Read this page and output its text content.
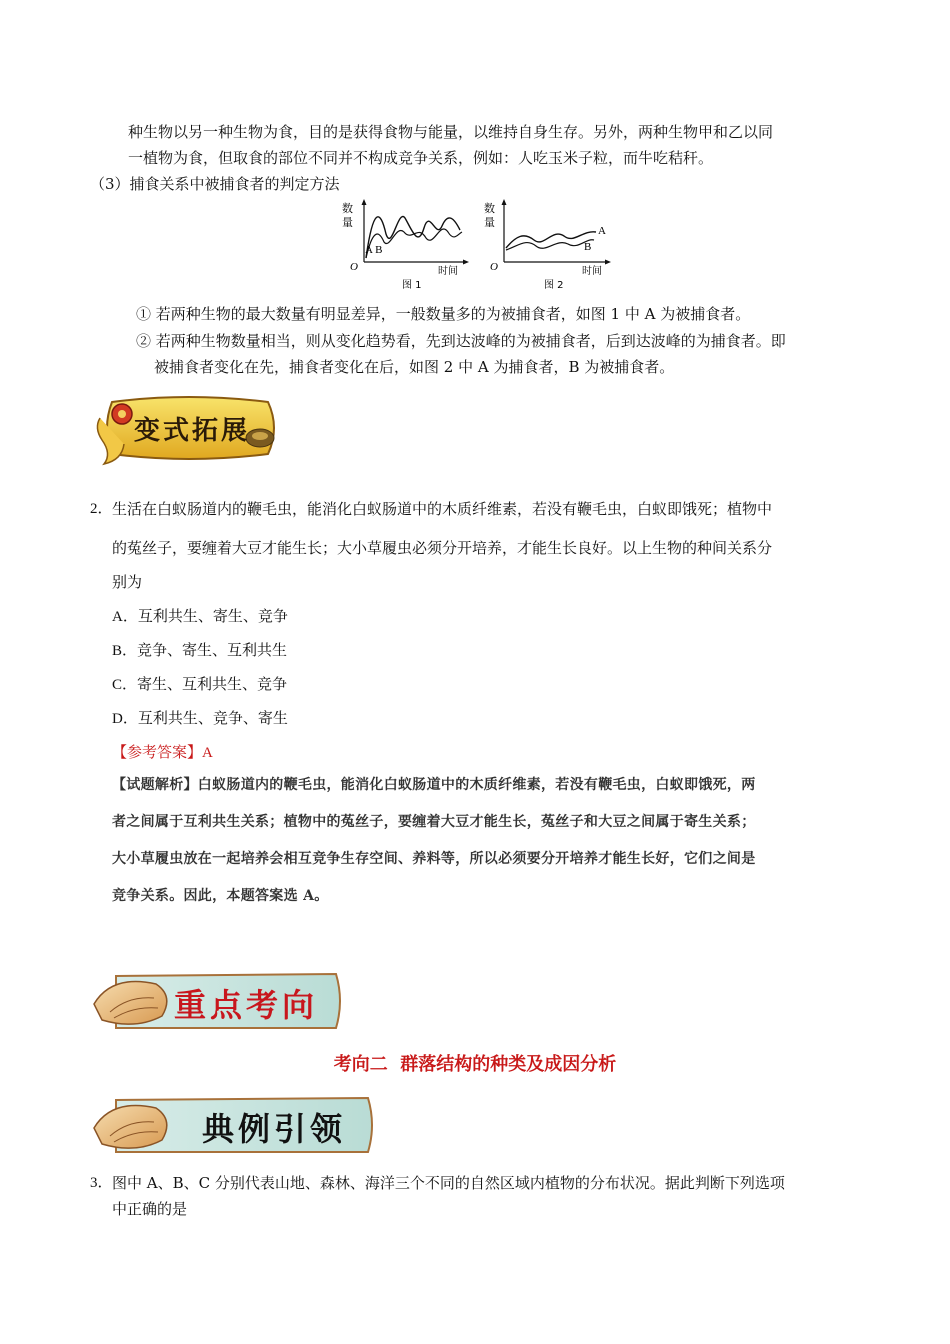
种生物以另一种生物为食，目的是获得食物与能量，以维持自身生存。另外，两种生物甲和乙以同
一植物为食，但取食的部位不同并不构成竞争关系，例如：人吃玉米子粒，而牛吃秸秆。
（3）捕食关系中被捕食者的判定方法
数
量
A B
O	时间
图 1
数
量
A
B
O	时间
图 2
① 若两种生物的最大数量有明显差异，一般数量多的为被捕食者，如图 1 中 A 为被捕食者。
② 若两种生物数量相当，则从变化趋势看，先到达波峰的为被捕食者，后到达波峰的为捕食者。即
被捕食者变化在先，捕食者变化在后，如图 2 中 A 为捕食者，B 为被捕食者。
变式拓展
2． 生活在白蚁肠道内的鞭毛虫，能消化白蚁肠道中的木质纤维素，若没有鞭毛虫，白蚁即饿死；植物中
的菟丝子，要缠着大豆才能生长；大小草履虫必须分开培养，才能生长良好。以上生物的种间关系分
别为
A．互利共生、寄生、竞争
B．竞争、寄生、互利共生
C．寄生、互利共生、竞争
D．互利共生、竞争、寄生
【参考答案】A
【试题解析】白蚁肠道内的鞭毛虫，能消化白蚁肠道中的木质纤维素，若没有鞭毛虫，白蚁即饿死，两
者之间属于互利共生关系；植物中的菟丝子，要缠着大豆才能生长，菟丝子和大豆之间属于寄生关系；
大小草履虫放在一起培养会相互竞争生存空间、养料等，所以必须要分开培养才能生长好，它们之间是
竞争关系。因此，本题答案选 A。
重点考向
考向二  群落结构的种类及成因分析
典例引领
3． 图中 A、B、C 分别代表山地、森林、海洋三个不同的自然区域内植物的分布状况。据此判断下列选项
中正确的是
